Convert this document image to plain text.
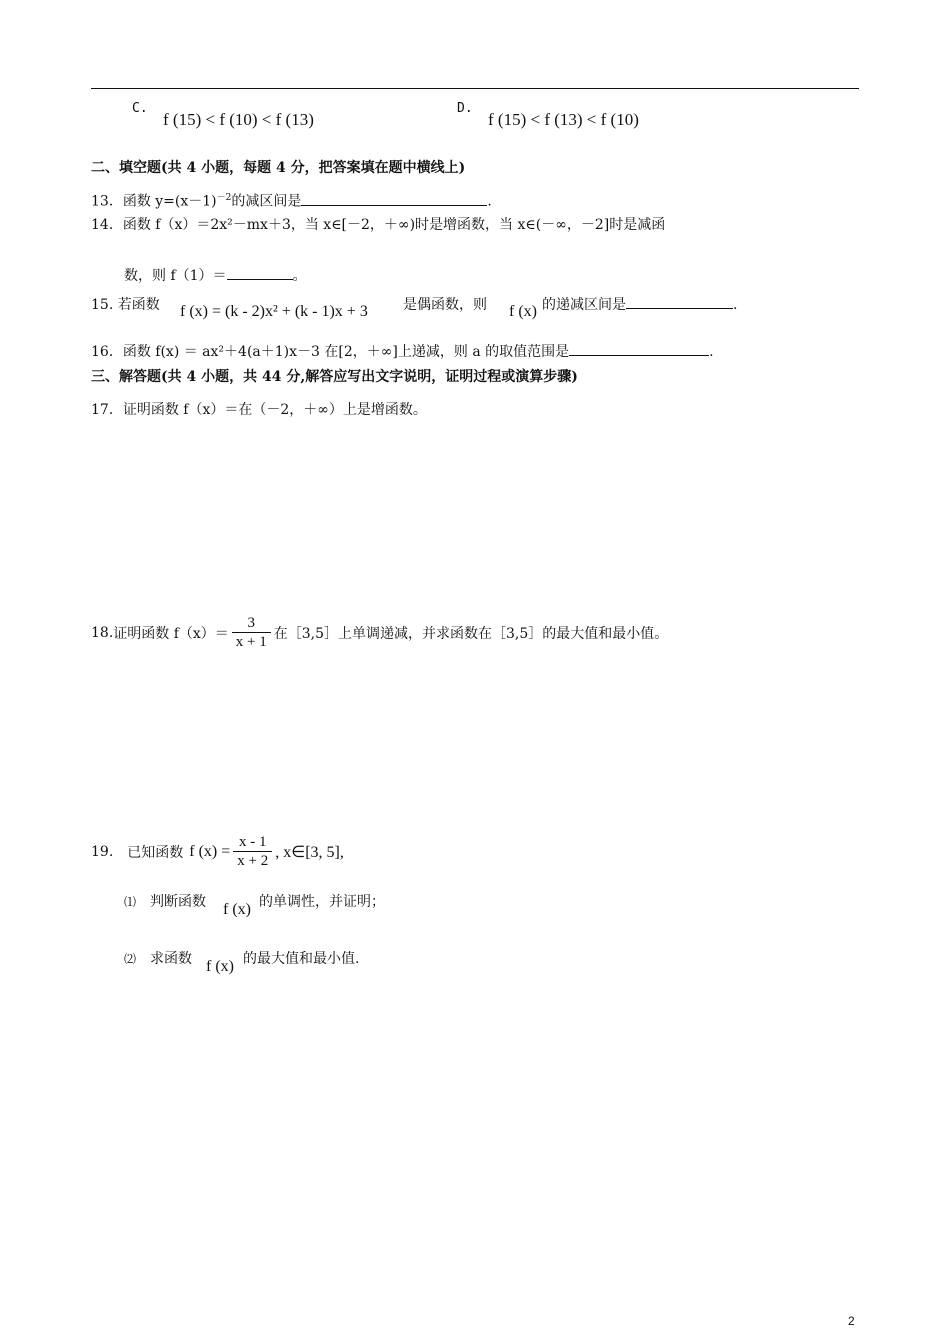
C.
f (15) < f (10) < f (13)
D.
f (15) < f (13) < f (10)
二、填空题(共 4 小题，每题 4 分，把答案填在题中横线上)
13．函数 $y=(x-1)^{-2}$的减区间是	.
14．函数 f（x）＝2x²－mx＋3，当 x∈[－2，＋∞)时是增函数，当 x∈(－∞，－2]时是减函
数，则 f（1）＝	。
15. 若函数 f (x) = (k - 2)x² + (k - 1)x + 3	是偶函数，则 f (x) 的递减区间是	.
16．函数 f(x) ＝ ax²＋4(a＋1)x－3 在[2，＋∞]上递减，则 a 的取值范围是	.
三、解答题(共 4 小题，共 44 分,解答应写出文字说明，证明过程或演算步骤)
17．证明函数 f（x）＝在（－2，＋∞）上是增函数。
18. 证明函数 $f(x)= \frac{3}{x + 1}$ 在［3,5］上单调递减，并求函数在［3,5］的最大值和最小值。
19. 已知函数 f $(x) = \frac{x - 1}{x + 2}$ , x∈[3, 5],
⑴ 判断函数 f (x) 的单调性，并证明；
⑵ 求函数 f (x) 的最大值和最小值.
2
